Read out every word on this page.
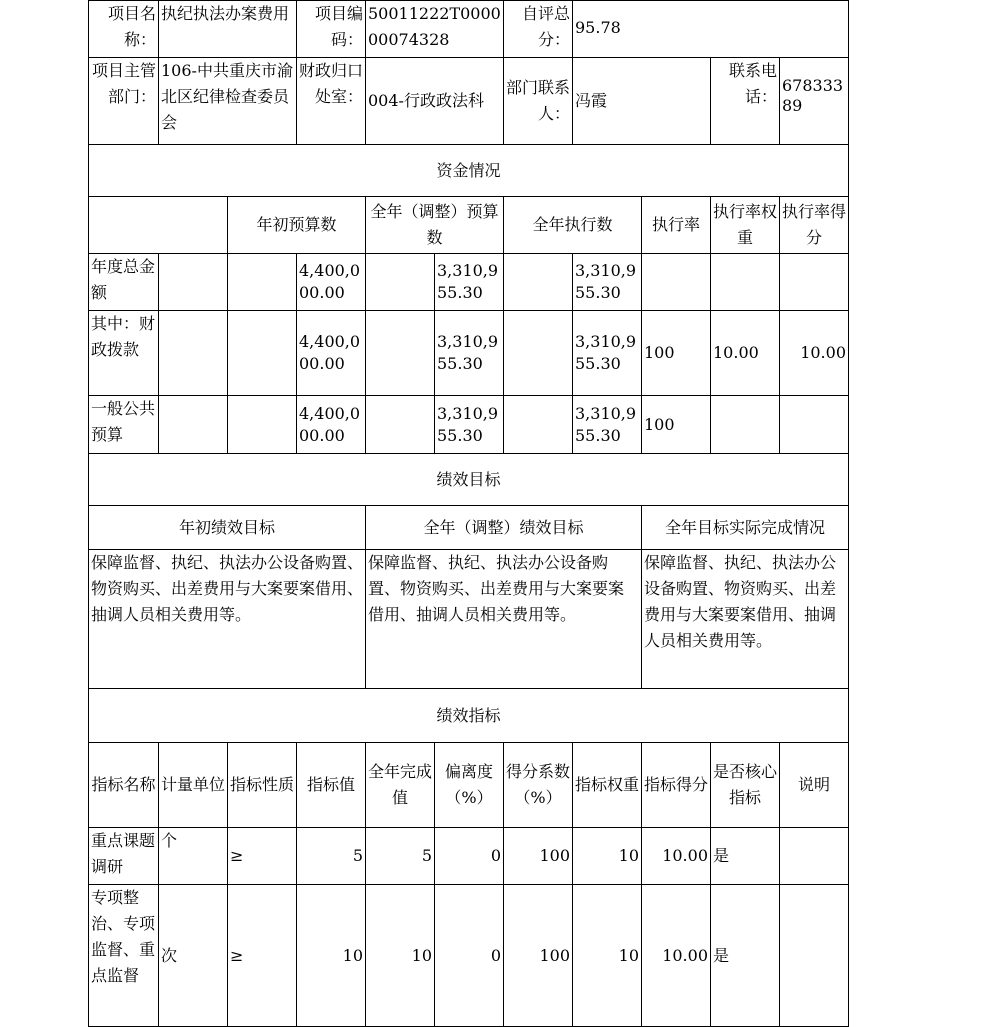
项目名称：	执纪执法办案费用		项目编码：	50011222T000000074328		自评总分：	95.78			
项目主管部门：	106-中共重庆市渝北区纪律检查委员会		财政归口处室：	004-行政政法科		部门联系人：	冯霞		联系电话：	67833389
资金情况										
		年初预算数		全年（调整）预算数		全年执行数		执行率	执行率权重	执行率得分
年度总金额			4,400,000.00		3,310,955.30		3,310,955.30			
其中：财政拨款			4,400,000.00		3,310,955.30		3,310,955.30	100	10.00	10.00
一般公共预算			4,400,000.00		3,310,955.30		3,310,955.30	100		
绩效目标										
年初绩效目标				全年（调整）绩效目标				全年目标实际完成情况		
保障监督、执纪、执法办公设备购置、物资购买、出差费用与大案要案借用、抽调人员相关费用等。				保障监督、执纪、执法办公设备购置、物资购买、出差费用与大案要案借用、抽调人员相关费用等。				保障监督、执纪、执法办公设备购置、物资购买、出差费用与大案要案借用、抽调人员相关费用等。		
绩效指标										
指标名称	计量单位	指标性质	指标值	全年完成值	偏离度（%）	得分系数（%）	指标权重	指标得分	是否核心指标	说明
重点课题调研	个	≥	5	5	0	100	10	10.00	是	
专项整治、专项监督、重点监督	次	≥	10	10	0	100	10	10.00	是	
